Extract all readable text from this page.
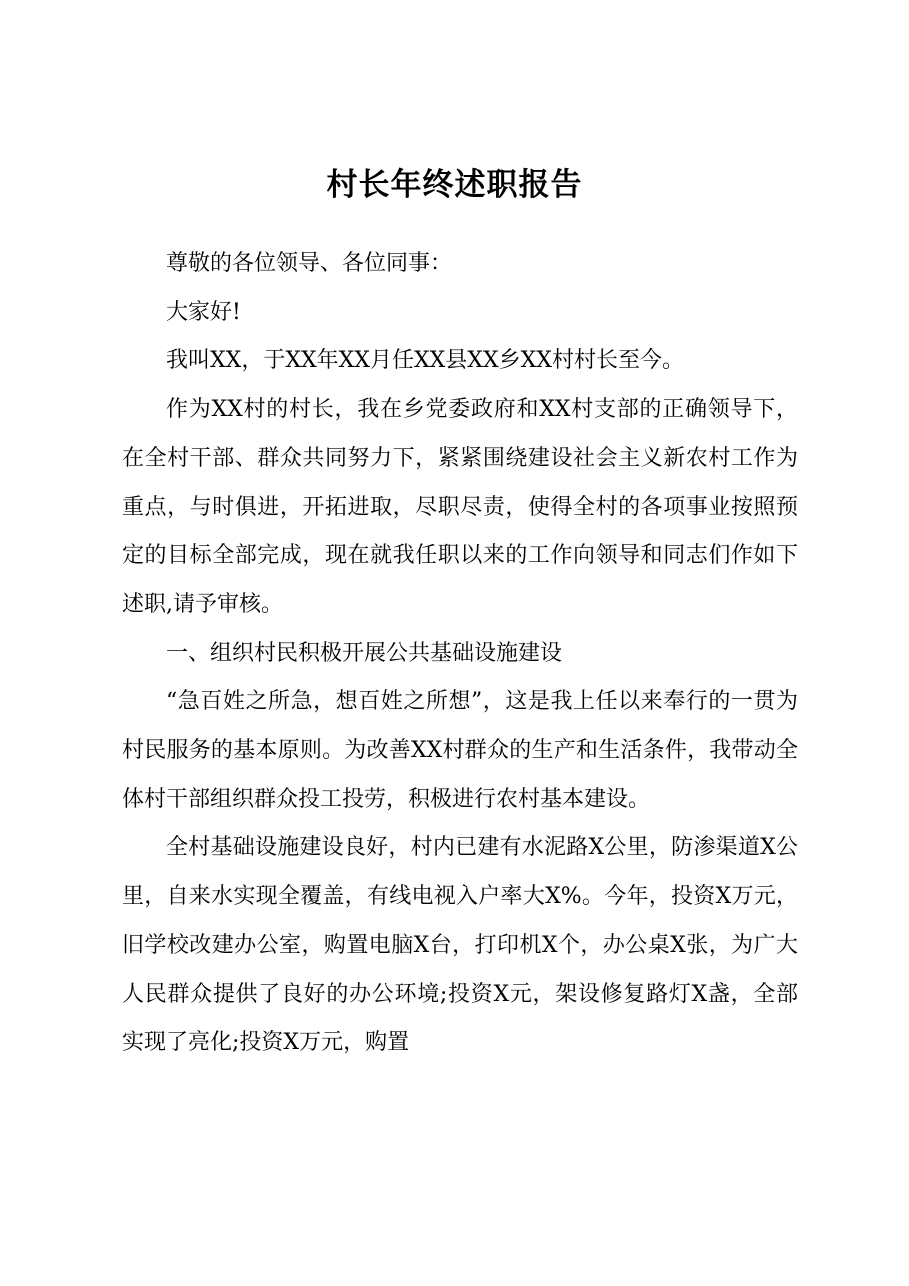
村长年终述职报告

尊敬的各位领导、各位同事：

大家好!

我叫XX，于XX年XX月任XX县XX乡XX村村长至今。

作为XX村的村长，我在乡党委政府和XX村支部的正确领导下，在全村干部、群众共同努力下，紧紧围绕建设社会主义新农村工作为重点，与时俱进，开拓进取，尽职尽责，使得全村的各项事业按照预定的目标全部完成，现在就我任职以来的工作向领导和同志们作如下述职,请予审核。

一、组织村民积极开展公共基础设施建设

“急百姓之所急，想百姓之所想”，这是我上任以来奉行的一贯为村民服务的基本原则。为改善XX村群众的生产和生活条件，我带动全体村干部组织群众投工投劳，积极进行农村基本建设。

全村基础设施建设良好，村内已建有水泥路X公里，防渗渠道X公里，自来水实现全覆盖，有线电视入户率大X%。今年，投资X万元，旧学校改建办公室，购置电脑X台，打印机X个，办公桌X张，为广大人民群众提供了良好的办公环境;投资X元，架设修复路灯X盏，全部实现了亮化;投资X万元，购置
